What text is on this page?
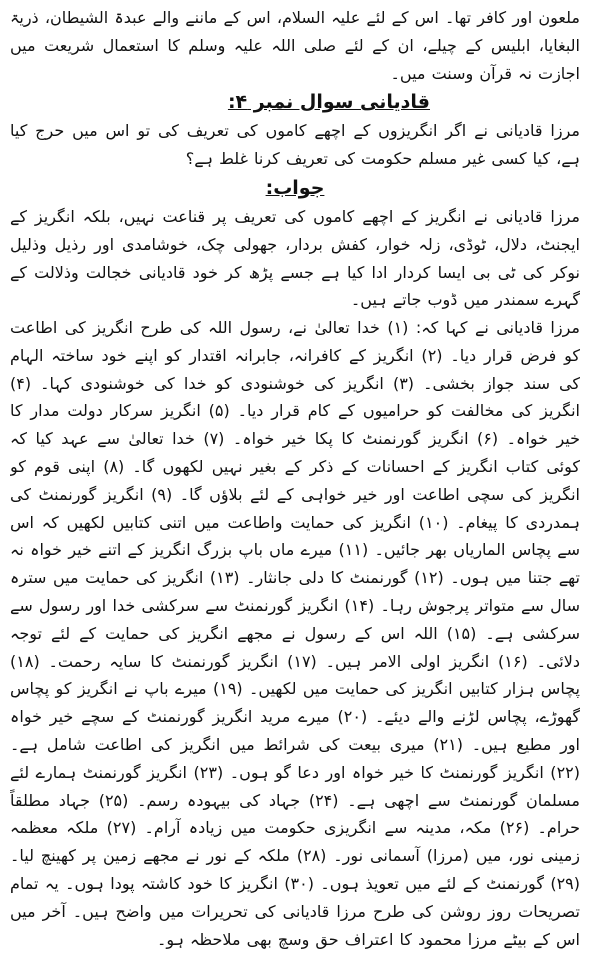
ملعون اور کافر تھا۔ اس کے لئے علیہ السلام، اس کے ماننے والے عبدۃ الشیطان، ذریۃ البغایا، ابلیس کے چیلے، ان کے لئے صلی اللہ علیہ وسلم کا استعمال شریعت میں اجازت نہ قرآن وسنت میں۔

قادیانی سوال نمبر ۴:

مرزا قادیانی نے اگر انگریزوں کے اچھے کاموں کی تعریف کی تو اس میں حرج کیا ہے، کیا کسی غیر مسلم حکومت کی تعریف کرنا غلط ہے؟

جواب:

مرزا قادیانی نے انگریز کے اچھے کاموں کی تعریف پر قناعت نہیں، بلکہ انگریز کے ایجنٹ، دلال، ٹوڈی، زلہ خوار، کفش بردار، جھولی چک، خوشامدی اور رذیل وذلیل نوکر کی ٹی بی ایسا کردار ادا کیا ہے جسے پڑھ کر خود قادیانی خجالت وذلالت کے گہرے سمندر میں ڈوب جاتے ہیں۔

مرزا قادیانی نے کہا کہ: (۱) خدا تعالیٰ نے، رسول اللہ کی طرح انگریز کی اطاعت کو فرض قرار دیا۔ (۲) انگریز کے کافرانہ، جابرانہ اقتدار کو اپنے خود ساختہ الہام کی سند جواز بخشی۔ (۳) انگریز کی خوشنودی کو خدا کی خوشنودی کہا۔ (۴) انگریز کی مخالفت کو حرامیوں کے کام قرار دیا۔ (۵) انگریز سرکار دولت مدار کا خیر خواہ۔ (۶) انگریز گورنمنٹ کا پکا خیر خواہ۔ (۷) خدا تعالیٰ سے عہد کیا کہ کوئی کتاب انگریز کے احسانات کے ذکر کے بغیر نہیں لکھوں گا۔ (۸) اپنی قوم کو انگریز کی سچی اطاعت اور خیر خواہی کے لئے بلاؤں گا۔ (۹) انگریز گورنمنٹ کی ہمدردی کا پیغام۔ (۱۰) انگریز کی حمایت واطاعت میں اتنی کتابیں لکھیں کہ اس سے پچاس الماریاں بھر جائیں۔ (۱۱) میرے ماں باپ بزرگ انگریز کے اتنے خیر خواہ نہ تھے جتنا میں ہوں۔ (۱۲) گورنمنٹ کا دلی جانثار۔ (۱۳) انگریز کی حمایت میں سترہ سال سے متواتر پرجوش رہا۔ (۱۴) انگریز گورنمنٹ سے سرکشی خدا اور رسول سے سرکشی ہے۔ (۱۵) اللہ اس کے رسول نے مجھے انگریز کی حمایت کے لئے توجہ دلائی۔ (۱۶) انگریز اولی الامر ہیں۔ (۱۷) انگریز گورنمنٹ کا سایہ رحمت۔ (۱۸) پچاس ہزار کتابیں انگریز کی حمایت میں لکھیں۔ (۱۹) میرے باپ نے انگریز کو پچاس گھوڑے، پچاس لڑنے والے دیئے۔ (۲۰) میرے مرید انگریز گورنمنٹ کے سچے خیر خواہ اور مطیع ہیں۔ (۲۱) میری بیعت کی شرائط میں انگریز کی اطاعت شامل ہے۔ (۲۲) انگریز گورنمنٹ کا خیر خواہ اور دعا گو ہوں۔ (۲۳) انگریز گورنمنٹ ہمارے لئے مسلمان گورنمنٹ سے اچھی ہے۔ (۲۴) جہاد کی بیہودہ رسم۔ (۲۵) جہاد مطلقاً حرام۔ (۲۶) مکہ، مدینہ سے انگریزی حکومت میں زیادہ آرام۔ (۲۷) ملکہ معظمہ زمینی نور، میں (مرزا) آسمانی نور۔ (۲۸) ملکہ کے نور نے مجھے زمین پر کھینچ لیا۔ (۲۹) گورنمنٹ کے لئے میں تعویذ ہوں۔ (۳۰) انگریز کا خود کاشتہ پودا ہوں۔ یہ تمام تصریحات روز روشن کی طرح مرزا قادیانی کی تحریرات میں واضح ہیں۔ آخر میں اس کے بیٹے مرزا محمود کا اعتراف حق وسچ بھی ملاحظہ ہو۔
